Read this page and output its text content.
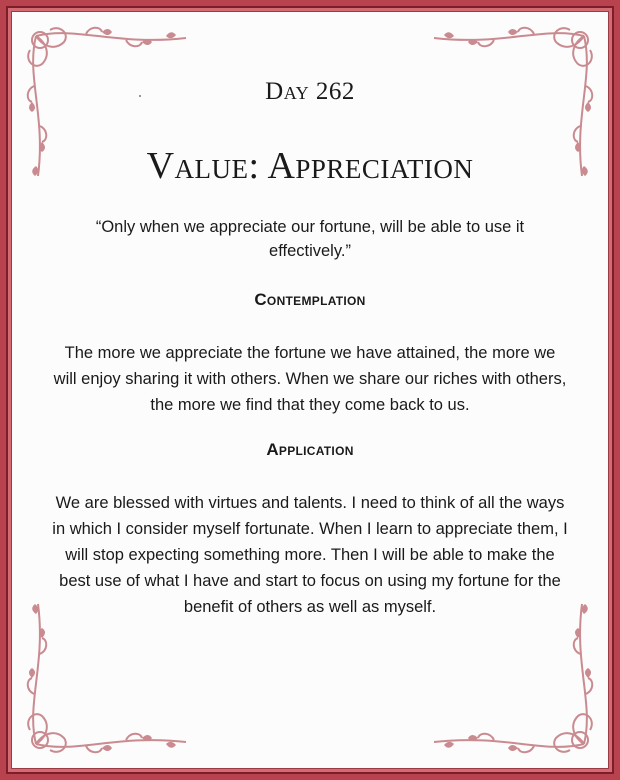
Day 262
Value: Appreciation
“Only when we appreciate our fortune, will be able to use it effectively.”
Contemplation
The more we appreciate the fortune we have attained, the more we will enjoy sharing it with others. When we share our riches with others, the more we find that they come back to us.
Application
We are blessed with virtues and talents. I need to think of all the ways in which I consider myself fortunate. When I learn to appreciate them, I will stop expecting something more. Then I will be able to make the best use of what I have and start to focus on using my fortune for the benefit of others as well as myself.
